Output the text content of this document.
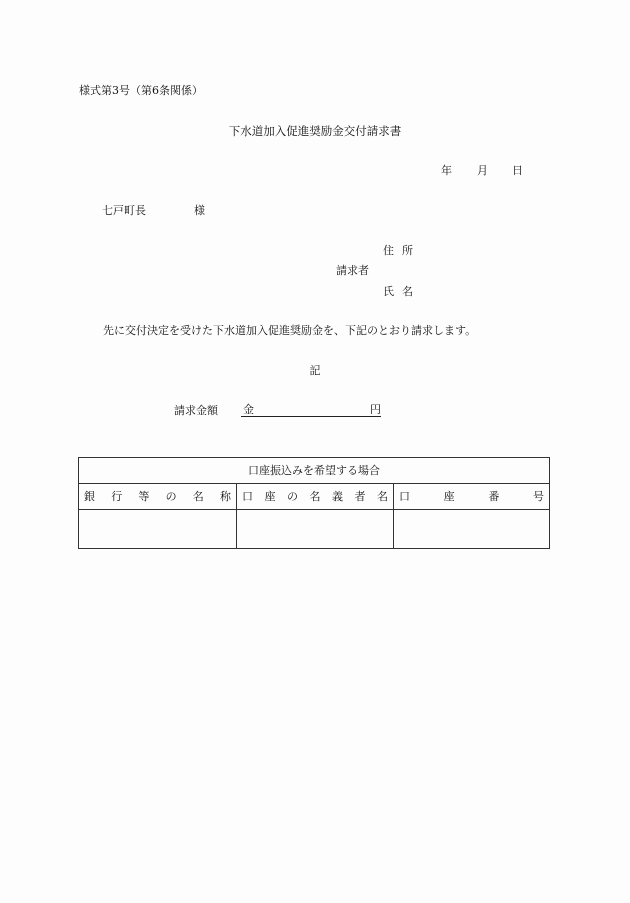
様式第3号（第6条関係）
下水道加入促進奨励金交付請求書
年 月 日
七戸町長	様
住所
請求者
氏名
先に交付決定を受けた下水道加入促進奨励金を、下記のとおり請求します。
記
請求金額 金	円
口座振込みを希望する場合
銀行等の名称	口座の名義者名	口座番号
